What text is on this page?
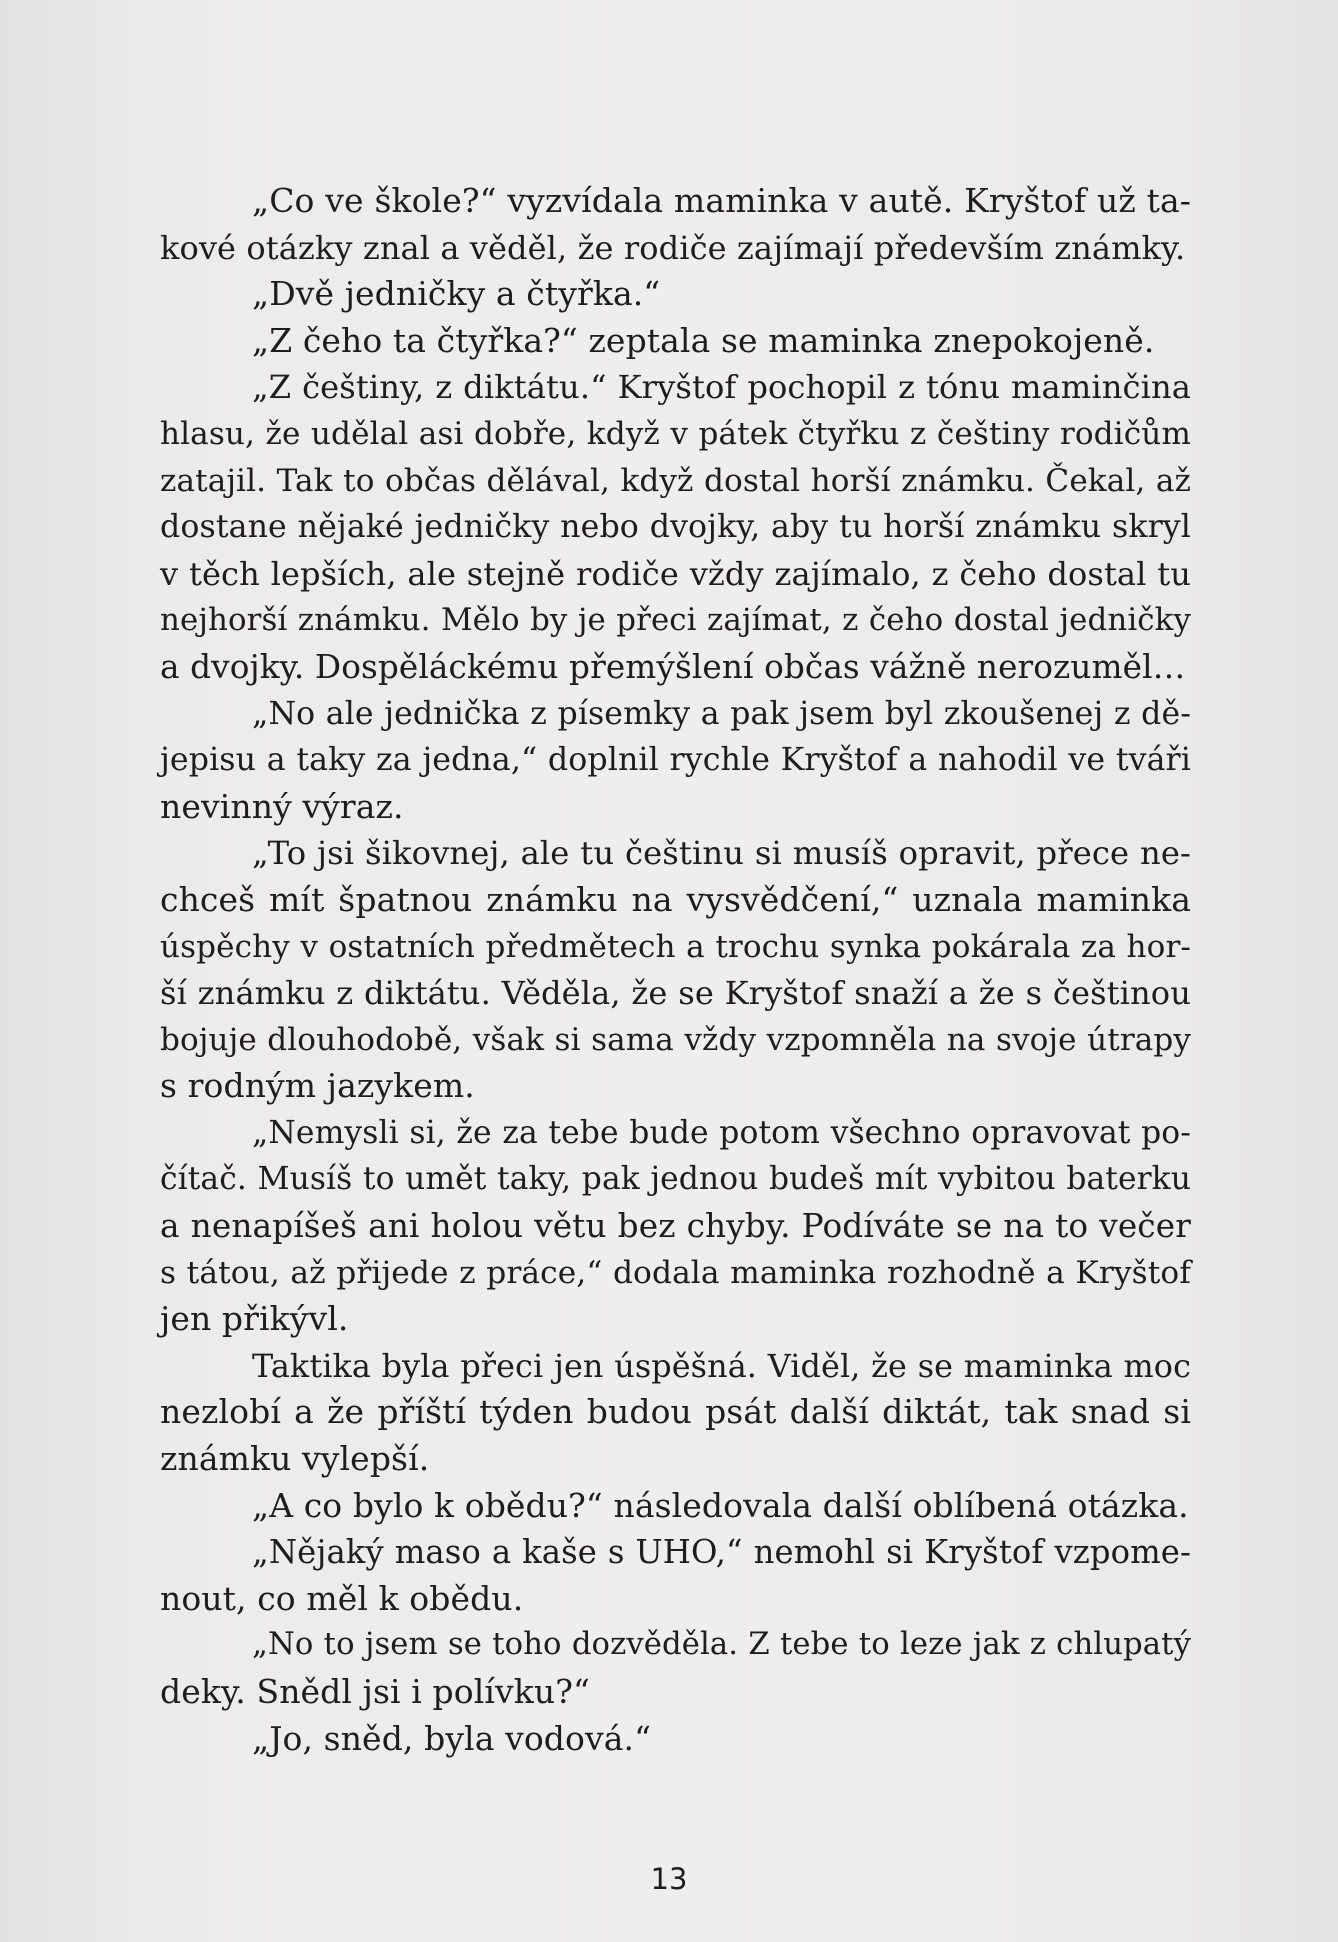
„Co ve škole?“ vyzvídala maminka v autě. Kryštof už ta-
kové otázky znal a věděl, že rodiče zajímají především známky.
„Dvě jedničky a čtyřka.“
„Z čeho ta čtyřka?“ zeptala se maminka znepokojeně.
„Z češtiny, z diktátu.“ Kryštof pochopil z tónu maminčina
hlasu, že udělal asi dobře, když v pátek čtyřku z češtiny rodičům
zatajil. Tak to občas dělával, když dostal horší známku. Čekal, až
dostane nějaké jedničky nebo dvojky, aby tu horší známku skryl
v těch lepších, ale stejně rodiče vždy zajímalo, z čeho dostal tu
nejhorší známku. Mělo by je přeci zajímat, z čeho dostal jedničky
a dvojky. Dospěláckému přemýšlení občas vážně nerozuměl…
„No ale jednička z písemky a pak jsem byl zkoušenej z dě-
jepisu a taky za jedna,“ doplnil rychle Kryštof a nahodil ve tváři
nevinný výraz.
„To jsi šikovnej, ale tu češtinu si musíš opravit, přece ne-
chceš mít špatnou známku na vysvědčení,“ uznala maminka
úspěchy v ostatních předmětech a trochu synka pokárala za hor-
ší známku z diktátu. Věděla, že se Kryštof snaží a že s češtinou
bojuje dlouhodobě, však si sama vždy vzpomněla na svoje útrapy
s rodným jazykem.
„Nemysli si, že za tebe bude potom všechno opravovat po-
čítač. Musíš to umět taky, pak jednou budeš mít vybitou baterku
a nenapíšeš ani holou větu bez chyby. Podíváte se na to večer
s tátou, až přijede z práce,“ dodala maminka rozhodně a Kryštof
jen přikývl.
Taktika byla přeci jen úspěšná. Viděl, že se maminka moc
nezlobí a že příští týden budou psát další diktát, tak snad si
známku vylepší.
„A co bylo k obědu?“ následovala další oblíbená otázka.
„Nějaký maso a kaše s UHO,“ nemohl si Kryštof vzpome-
nout, co měl k obědu.
„No to jsem se toho dozvěděla. Z tebe to leze jak z chlupatý
deky. Snědl jsi i polívku?“
„Jo, sněd, byla vodová.“
13
